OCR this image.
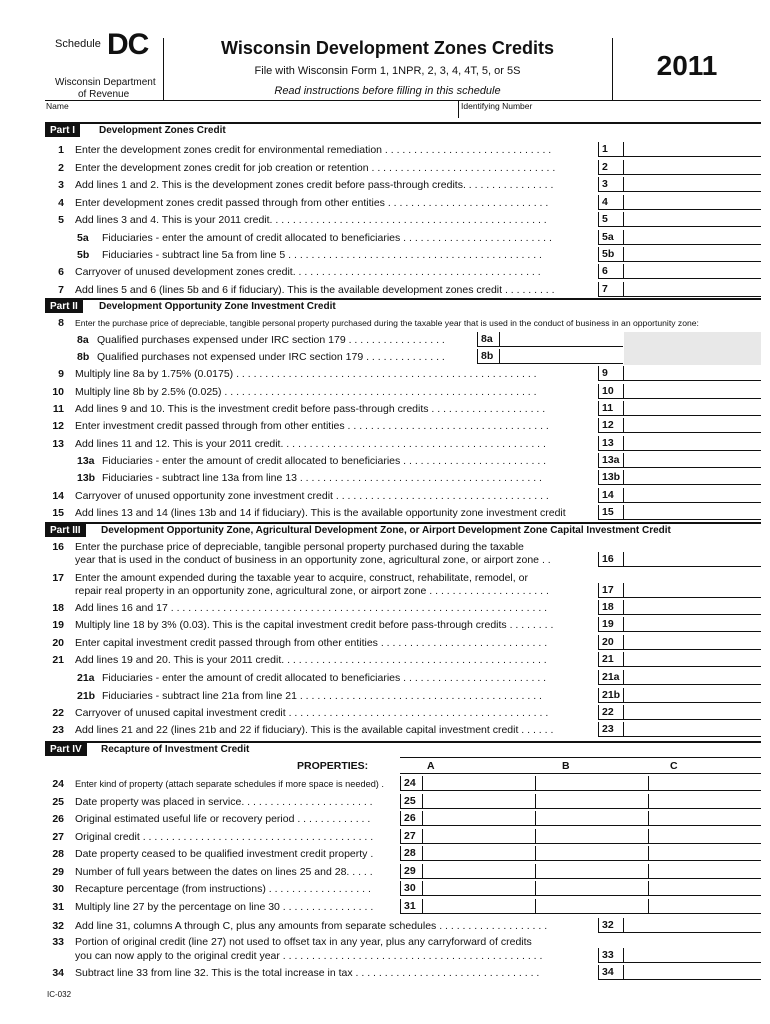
Schedule DC
Wisconsin Department
of Revenue
Wisconsin Development Zones Credits
File with Wisconsin Form 1, 1NPR, 2, 3, 4, 4T, 5, or 5S
Read instructions before filling in this schedule
2011
Name	Identifying Number
Part I	Development Zones Credit
1 Enter the development zones credit for environmental remediation . . . . . . . . . . . . . . . . . . . . . . . . . . . . .	1
2 Enter the development zones credit for job creation or retention . . . . . . . . . . . . . . . . . . . . . . . . . . . . . . . .	2
3 Add lines 1 and 2. This is the development zones credit before pass-through credits. . . . . . . . . . . . . . . .	3
4 Enter development zones credit passed through from other entities . . . . . . . . . . . . . . . . . . . . . . . . . . . .	4
5 Add lines 3 and 4. This is your 2011 credit. . . . . . . . . . . . . . . . . . . . . . . . . . . . . . . . . . . . . . . . . . . . . . . .	5
5a Fiduciaries - enter the amount of credit allocated to beneficiaries . . . . . . . . . . . . . . . . . . . . . . . . . .	5a
5b Fiduciaries - subtract line 5a from line 5 . . . . . . . . . . . . . . . . . . . . . . . . . . . . . . . . . . . . . . . . . . . .	5b
6 Carryover of unused development zones credit. . . . . . . . . . . . . . . . . . . . . . . . . . . . . . . . . . . . . . . . . . .	6
7 Add lines 5 and 6 (lines 5b and 6 if fiduciary). This is the available development zones credit . . . . . . . . .	7
Part II	Development Opportunity Zone Investment Credit
8 Enter the purchase price of depreciable, tangible personal property purchased during the taxable year that is used in the conduct of business in an opportunity zone:
8a Qualified purchases expensed under IRC section 179 . . . . . . . . . . . . . . . . .	8a
8b Qualified purchases not expensed under IRC section 179 . . . . . . . . . . . . . .	8b
9 Multiply line 8a by 1.75% (0.0175) . . . . . . . . . . . . . . . . . . . . . . . . . . . . . . . . . . . . . . . . . . . . . . . . . . . .	9
10 Multiply line 8b by 2.5% (0.025) . . . . . . . . . . . . . . . . . . . . . . . . . . . . . . . . . . . . . . . . . . . . . . . . . . . . . .	10
11 Add lines 9 and 10. This is the investment credit before pass-through credits . . . . . . . . . . . . . . . . . . . .	11
12 Enter investment credit passed through from other entities . . . . . . . . . . . . . . . . . . . . . . . . . . . . . . . . . . .	12
13 Add lines 11 and 12. This is your 2011 credit. . . . . . . . . . . . . . . . . . . . . . . . . . . . . . . . . . . . . . . . . . . . . .	13
13a Fiduciaries - enter the amount of credit allocated to beneficiaries . . . . . . . . . . . . . . . . . . . . . . . . .	13a
13b Fiduciaries - subtract line 13a from line 13 . . . . . . . . . . . . . . . . . . . . . . . . . . . . . . . . . . . . . . . . . .	13b
14 Carryover of unused opportunity zone investment credit . . . . . . . . . . . . . . . . . . . . . . . . . . . . . . . . . . . . .	14
15 Add lines 13 and 14 (lines 13b and 14 if fiduciary). This is the available opportunity zone investment credit	15
Part III	Development Opportunity Zone, Agricultural Development Zone, or Airport Development Zone Capital Investment Credit
16 Enter the purchase price of depreciable, tangible personal property purchased during the taxable
year that is used in the conduct of business in an opportunity zone, agricultural zone, or airport zone . .	16
17 Enter the amount expended during the taxable year to acquire, construct, rehabilitate, remodel, or
repair real property in an opportunity zone, agricultural zone, or airport zone . . . . . . . . . . . . . . . . . . . . .	17
18 Add lines 16 and 17 . . . . . . . . . . . . . . . . . . . . . . . . . . . . . . . . . . . . . . . . . . . . . . . . . . . . . . . . . . . . . . . . .	18
19 Multiply line 18 by 3% (0.03). This is the capital investment credit before pass-through credits . . . . . . . .	19
20 Enter capital investment credit passed through from other entities . . . . . . . . . . . . . . . . . . . . . . . . . . . . .	20
21 Add lines 19 and 20. This is your 2011 credit. . . . . . . . . . . . . . . . . . . . . . . . . . . . . . . . . . . . . . . . . . . . . .	21
21a Fiduciaries - enter the amount of credit allocated to beneficiaries . . . . . . . . . . . . . . . . . . . . . . . . .	21a
21b Fiduciaries - subtract line 21a from line 21 . . . . . . . . . . . . . . . . . . . . . . . . . . . . . . . . . . . . . . . . . .	21b
22 Carryover of unused capital investment credit . . . . . . . . . . . . . . . . . . . . . . . . . . . . . . . . . . . . . . . . . . . . .	22
23 Add lines 21 and 22 (lines 21b and 22 if fiduciary). This is the available capital investment credit . . . . . .	23
Part IV	Recapture of Investment Credit
PROPERTIES:	A	B	C
24 Enter kind of property (attach separate schedules if more space is needed) .	24
25 Date property was placed in service. . . . . . . . . . . . . . . . . . . . . . .	25
26 Original estimated useful life or recovery period . . . . . . . . . . . . .	26
27 Original credit . . . . . . . . . . . . . . . . . . . . . . . . . . . . . . . . . . . . . . . .	27
28 Date property ceased to be qualified investment credit property .	28
29 Number of full years between the dates on lines 25 and 28. . . . .	29
30 Recapture percentage (from instructions) . . . . . . . . . . . . . . . . . .	30
31 Multiply line 27 by the percentage on line 30 . . . . . . . . . . . . . . . .	31
32 Add line 31, columns A through C, plus any amounts from separate schedules . . . . . . . . . . . . . . . . . . .	32
33 Portion of original credit (line 27) not used to offset tax in any year, plus any carryforward of credits
you can now apply to the original credit year . . . . . . . . . . . . . . . . . . . . . . . . . . . . . . . . . . . . . . . . . . . . .	33
34 Subtract line 33 from line 32. This is the total increase in tax . . . . . . . . . . . . . . . . . . . . . . . . . . . . . . . .	34
IC-032
